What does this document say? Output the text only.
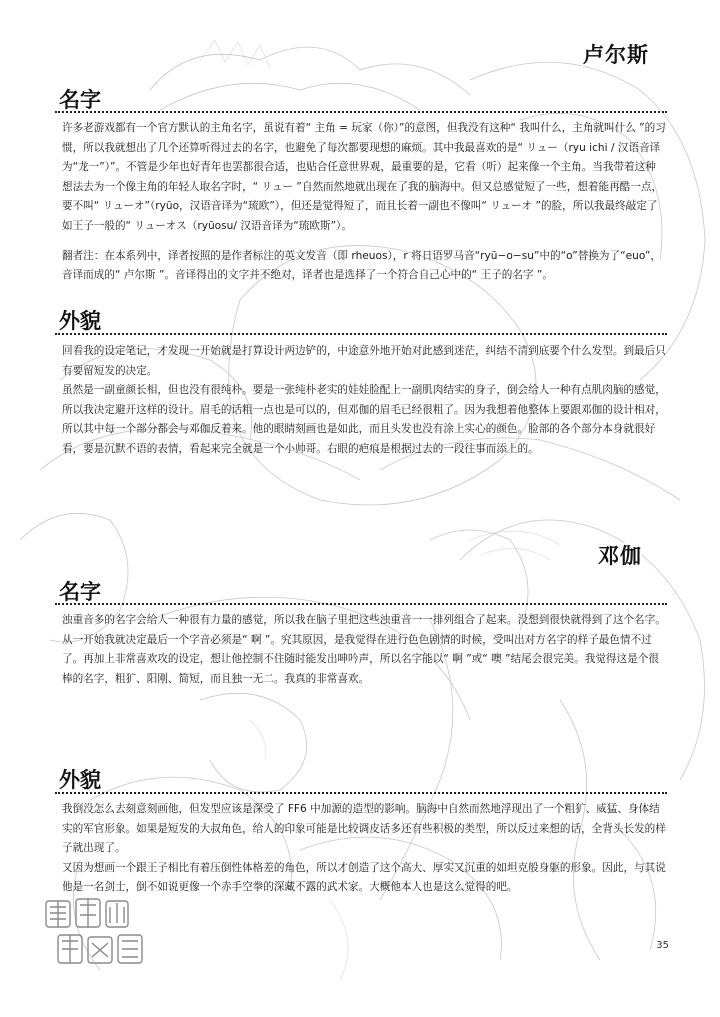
卢尔斯
名字

许多老游戏都有一个官方默认的主角名字，虽说有着“ 主角 = 玩家（你）”的意图，但我没有这种“ 我叫什么，主角就叫什么 ”的习惯，所以我就想出了几个还算听得过去的名字，也避免了每次都要现想的麻烦。其中我最喜欢的是“ リュー（ryu ichi / 汉语音译为“龙一”）”。不管是少年也好青年也罢都很合适，也贴合任意世界观，最重要的是，它看（听）起来像一个主角。当我带着这种想法去为一个像主角的年轻人取名字时，“ リュー ”自然而然地就出现在了我的脑海中。但又总感觉短了一些，想着能再酷一点，要不叫“ リューオ”（ryūo，汉语音译为“琉欧”），但还是觉得短了，而且长着一副也不像叫“ リューオ ”的脸，所以我最终敲定了如王子一般的“ リューオス（ryūosu/ 汉语音译为“琉欧斯”）。

翻者注：在本系列中，译者按照的是作者标注的英文发音（即 rheuos），r 将日语罗马音“ryū−o−su”中的“o”替换为了“euo”，音译而成的“ 卢尔斯 ”。音译得出的文字并不绝对，译者也是选择了一个符合自己心中的“ 王子的名字 ”。

外貌

回看我的设定笔记，才发现一开始就是打算设计两边铲的，中途意外地开始对此感到迷茫，纠结不清到底要个什么发型。到最后只有要留短发的决定。

虽然是一副童颜长相，但也没有很纯朴。要是一张纯朴老实的娃娃脸配上一副肌肉结实的身子，倒会给人一种有点肌肉脑的感觉，所以我决定避开这样的设计。眉毛的话粗一点也是可以的，但邓伽的眉毛已经很粗了。因为我想着他整体上要跟邓伽的设计相对，所以其中每一个部分都会与邓伽反着来。他的眼睛刻画也是如此，而且头发也没有涂上实心的颜色。脸部的各个部分本身就很好看，要是沉默不语的表情，看起来完全就是一个小帅哥。右眼的疤痕是根据过去的一段往事而添上的。

邓伽
名字

浊重音多的名字会给人一种很有力量的感觉，所以我在脑子里把这些浊重音一一排列组合了起来。没想到很快就得到了这个名字。

从一开始我就决定最后一个字音必须是“ 啊 ”。究其原因，是我觉得在进行色色剧情的时候，受叫出对方名字的样子最色情不过了。再加上非常喜欢攻的设定，想让他控制不住随时能发出呻吟声，所以名字能以“ 啊 ”或“ 噢 ”结尾会很完美。我觉得这是个很棒的名字，粗犷、阳刚、简短，而且独一无二。我真的非常喜欢。

外貌

我倒没怎么去刻意刻画他，但发型应该是深受了 FF6 中加源的造型的影响。脑海中自然而然地浮现出了一个粗犷、威猛、身体结实的军官形象。如果是短发的大叔角色，给人的印象可能是比较调皮话多还有些积极的类型，所以反过来想的话，全背头长发的样子就出现了。

又因为想画一个跟王子相比有着压倒性体格差的角色，所以才创造了这个高大、厚实又沉重的如坦克般身躯的形象。因此，与其说他是一名剑士，倒不如说更像一个赤手空拳的深藏不露的武术家。大概他本人也是这么觉得的吧。

35
